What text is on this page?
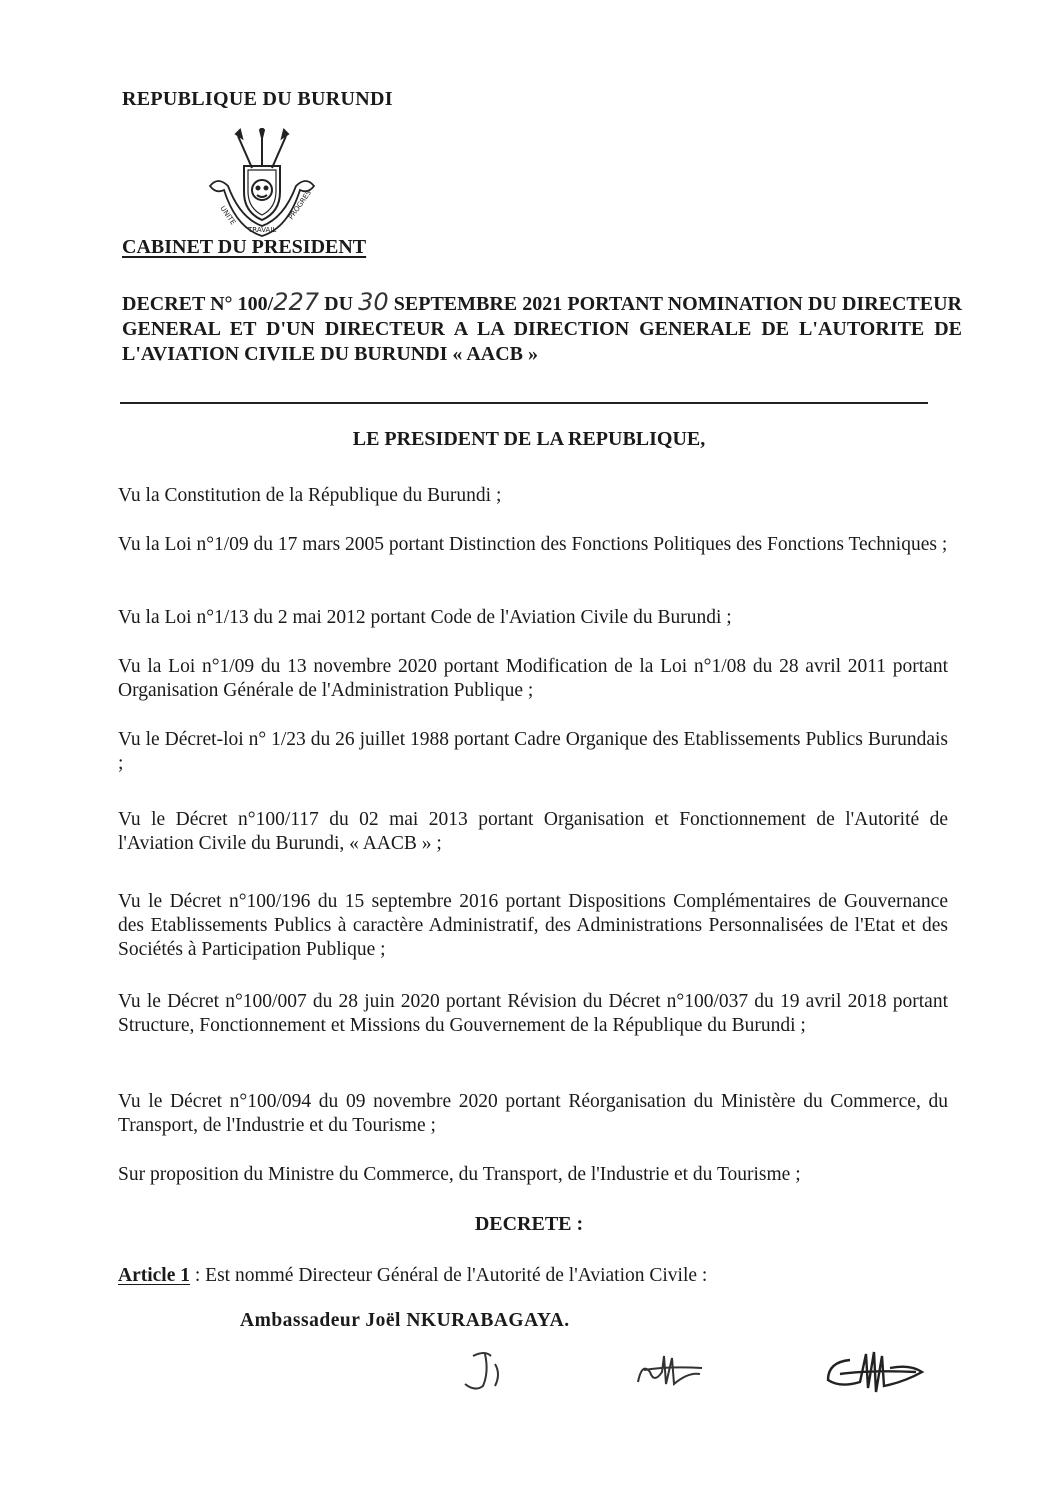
REPUBLIQUE DU BURUNDI
UNITE
TRAVAIL
PROGRES
CABINET DU PRESIDENT
DECRET N° 100/227 DU 30 SEPTEMBRE 2021 PORTANT NOMINATION DU DIRECTEUR GENERAL ET D'UN DIRECTEUR A LA DIRECTION GENERALE DE L'AUTORITE DE L'AVIATION CIVILE DU BURUNDI « AACB »
LE PRESIDENT DE LA REPUBLIQUE,
Vu la Constitution de la République du Burundi ;
Vu la Loi n°1/09 du 17 mars 2005 portant Distinction des Fonctions Politiques des Fonctions Techniques ;
Vu la Loi n°1/13 du 2 mai 2012 portant Code de l'Aviation Civile du Burundi ;
Vu la Loi n°1/09 du 13 novembre 2020 portant Modification de la Loi n°1/08 du 28 avril 2011 portant Organisation Générale de l'Administration Publique ;
Vu le Décret-loi n° 1/23 du 26 juillet 1988 portant Cadre Organique des Etablissements Publics Burundais ;
Vu le Décret n°100/117 du 02 mai 2013 portant Organisation et Fonctionnement de l'Autorité de l'Aviation Civile du Burundi, « AACB » ;
Vu le Décret n°100/196 du 15 septembre 2016 portant Dispositions Complémentaires de Gouvernance des Etablissements Publics à caractère Administratif, des Administrations Personnalisées de l'Etat et des Sociétés à Participation Publique ;
Vu le Décret n°100/007 du 28 juin 2020 portant Révision du Décret n°100/037 du 19 avril 2018 portant Structure, Fonctionnement et Missions du Gouvernement de la République du Burundi ;
Vu le Décret n°100/094 du 09 novembre 2020 portant Réorganisation du Ministère du Commerce, du Transport, de l'Industrie et du Tourisme ;
Sur proposition du Ministre du Commerce, du Transport, de l'Industrie et du Tourisme ;
DECRETE :
Article 1 : Est nommé Directeur Général de l'Autorité de l'Aviation Civile :
Ambassadeur Joël NKURABAGAYA.
